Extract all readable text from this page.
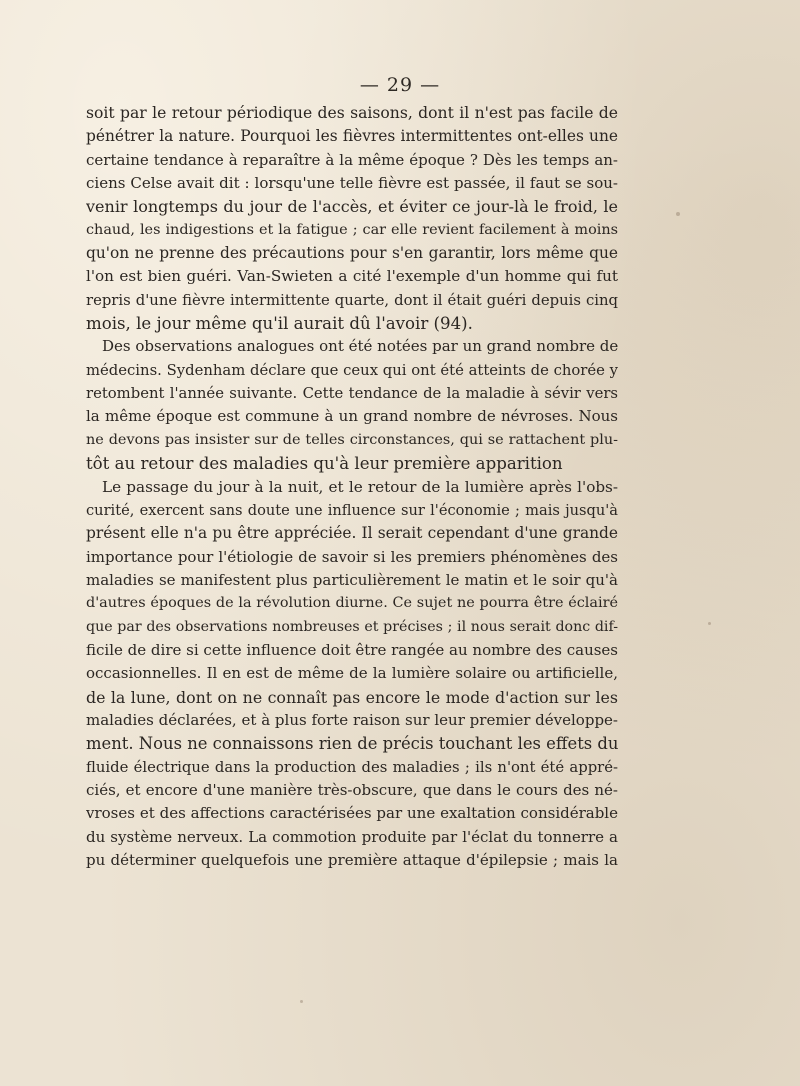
— 29 —
soit par le retour périodique des saisons, dont il n'est pas facile de
pénétrer la nature. Pourquoi les fièvres intermittentes ont-elles une
certaine tendance à reparaître à la même époque ? Dès les temps an-
ciens Celse avait dit : lorsqu'une telle fièvre est passée, il faut se sou-
venir longtemps du jour de l'accès, et éviter ce jour-là le froid, le
chaud, les indigestions et la fatigue ; car elle revient facilement à moins
qu'on ne prenne des précautions pour s'en garantir, lors même que
l'on est bien guéri. Van-Swieten a cité l'exemple d'un homme qui fut
repris d'une fièvre intermittente quarte, dont il était guéri depuis cinq
mois, le jour même qu'il aurait dû l'avoir (94).
Des observations analogues ont été notées par un grand nombre de
médecins. Sydenham déclare que ceux qui ont été atteints de chorée y
retombent l'année suivante. Cette tendance de la maladie à sévir vers
la même époque est commune à un grand nombre de névroses. Nous
ne devons pas insister sur de telles circonstances, qui se rattachent plu-
tôt au retour des maladies qu'à leur première apparition
Le passage du jour à la nuit, et le retour de la lumière après l'obs-
curité, exercent sans doute une influence sur l'économie ; mais jusqu'à
présent elle n'a pu être appréciée. Il serait cependant d'une grande
importance pour l'étiologie de savoir si les premiers phénomènes des
maladies se manifestent plus particulièrement le matin et le soir qu'à
d'autres époques de la révolution diurne. Ce sujet ne pourra être éclairé
que par des observations nombreuses et précises ; il nous serait donc dif-
ficile de dire si cette influence doit être rangée au nombre des causes
occasionnelles. Il en est de même de la lumière solaire ou artificielle,
de la lune, dont on ne connaît pas encore le mode d'action sur les
maladies déclarées, et à plus forte raison sur leur premier développe-
ment. Nous ne connaissons rien de précis touchant les effets du
fluide électrique dans la production des maladies ; ils n'ont été appré-
ciés, et encore d'une manière très-obscure, que dans le cours des né-
vroses et des affections caractérisées par une exaltation considérable
du système nerveux. La commotion produite par l'éclat du tonnerre a
pu déterminer quelquefois une première attaque d'épilepsie ; mais la
